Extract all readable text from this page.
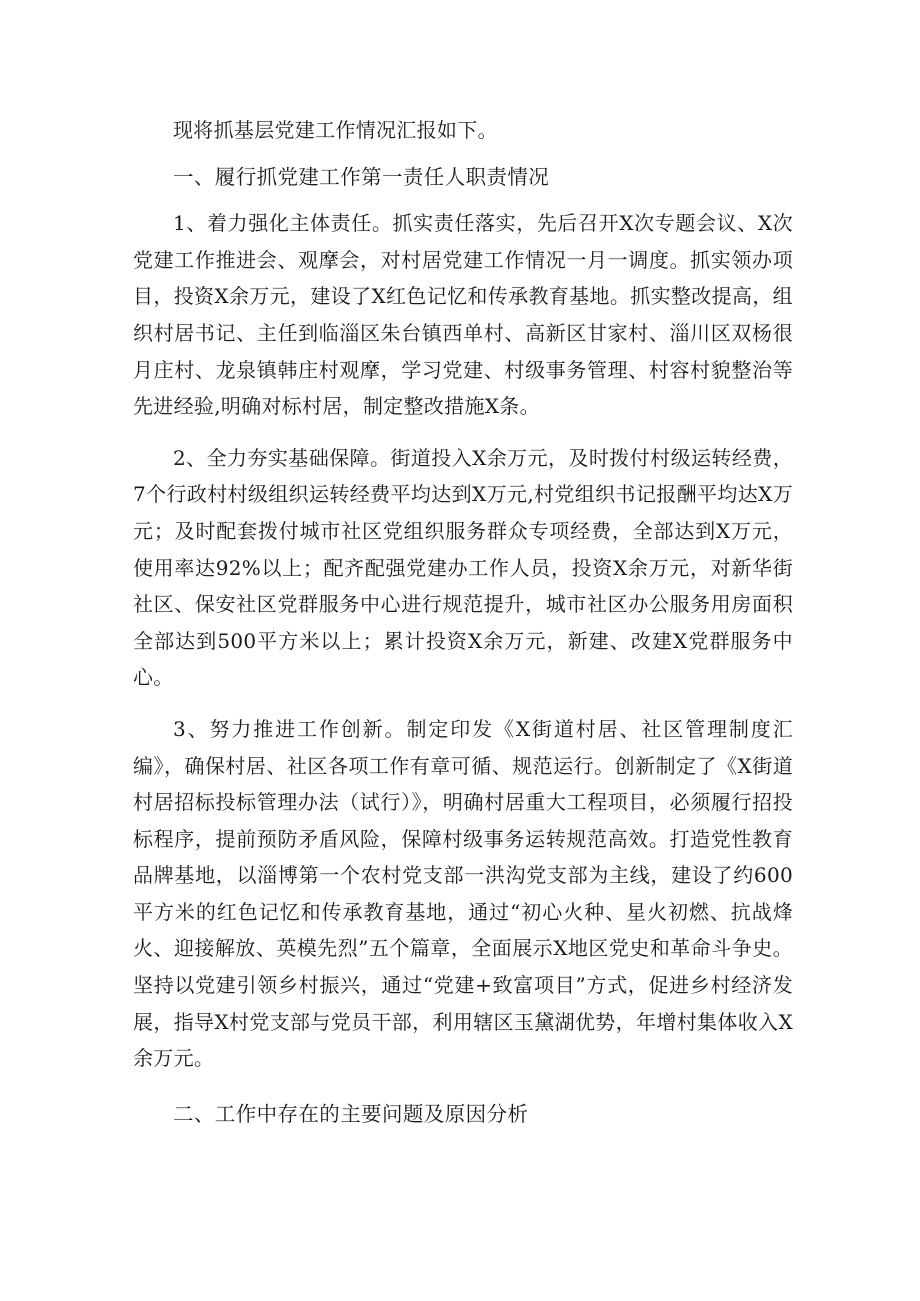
现将抓基层党建工作情况汇报如下。

一、履行抓党建工作第一责任人职责情况

1、着力强化主体责任。抓实责任落实，先后召开X次专题会议、X次党建工作推进会、观摩会，对村居党建工作情况一月一调度。抓实领办项目，投资X余万元，建设了X红色记忆和传承教育基地。抓实整改提高，组织村居书记、主任到临淄区朱台镇西单村、高新区甘家村、淄川区双杨很月庄村、龙泉镇韩庄村观摩，学习党建、村级事务管理、村容村貌整治等先进经验,明确对标村居，制定整改措施X条。

2、全力夯实基础保障。街道投入X余万元，及时拨付村级运转经费，7个行政村村级组织运转经费平均达到X万元,村党组织书记报酬平均达X万元；及时配套拨付城市社区党组织服务群众专项经费，全部达到X万元，使用率达92%以上；配齐配强党建办工作人员，投资X余万元，对新华街社区、保安社区党群服务中心进行规范提升，城市社区办公服务用房面积全部达到500平方米以上；累计投资X余万元，新建、改建X党群服务中心。

3、努力推进工作创新。制定印发《X街道村居、社区管理制度汇编》，确保村居、社区各项工作有章可循、规范运行。创新制定了《X街道村居招标投标管理办法（试行）》，明确村居重大工程项目，必须履行招投标程序，提前预防矛盾风险，保障村级事务运转规范高效。打造党性教育品牌基地，以淄博第一个农村党支部一洪沟党支部为主线，建设了约600平方米的红色记忆和传承教育基地，通过“初心火种、星火初燃、抗战烽火、迎接解放、英模先烈”五个篇章，全面展示X地区党史和革命斗争史。坚持以党建引领乡村振兴，通过“党建+致富项目”方式，促进乡村经济发展，指导X村党支部与党员干部，利用辖区玉黛湖优势，年增村集体收入X余万元。

二、工作中存在的主要问题及原因分析
